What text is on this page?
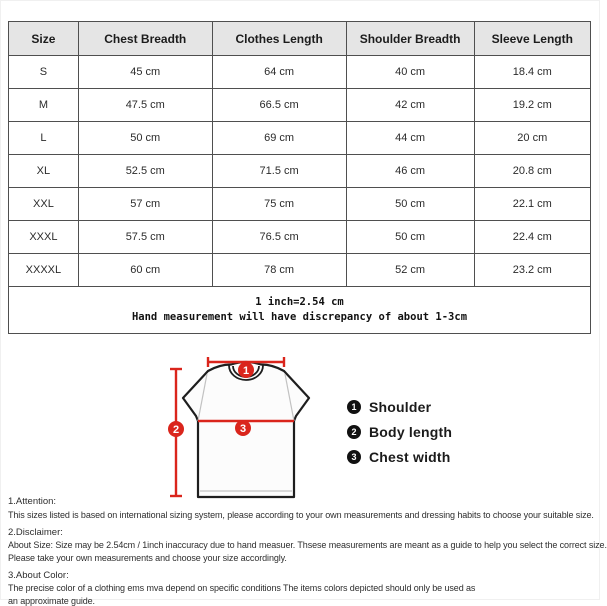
Size	Chest Breadth	Clothes Length	Shoulder Breadth	Sleeve Length
S	45 cm	64 cm	40 cm	18.4 cm
M	47.5 cm	66.5 cm	42 cm	19.2 cm
L	50 cm	69 cm	44 cm	20 cm
XL	52.5 cm	71.5 cm	46 cm	20.8 cm
XXL	57 cm	75 cm	50 cm	22.1 cm
XXXL	57.5 cm	76.5 cm	50 cm	22.4 cm
XXXXL	60 cm	78 cm	52 cm	23.2 cm

1 inch=2.54 cm
Hand measurement will have discrepancy of about 1-3cm				
1
2	3
1 Shoulder
2 Body length
3 Chest width
1.Attention:
This sizes listed is based on international sizing system, please according to your own measurements and dressing habits to choose your suitable size.
2.Disclaimer:
About Size: Size may be 2.54cm / 1inch inaccuracy due to hand measuer. Thsese measurements are meant as a guide to help you select the correct size.
Please take your own measurements and choose your size accordingly.
3.About Color:
The precise color of a clothing ems mva depend on specific conditions The items colors depicted should only be used as
an approximate guide.
